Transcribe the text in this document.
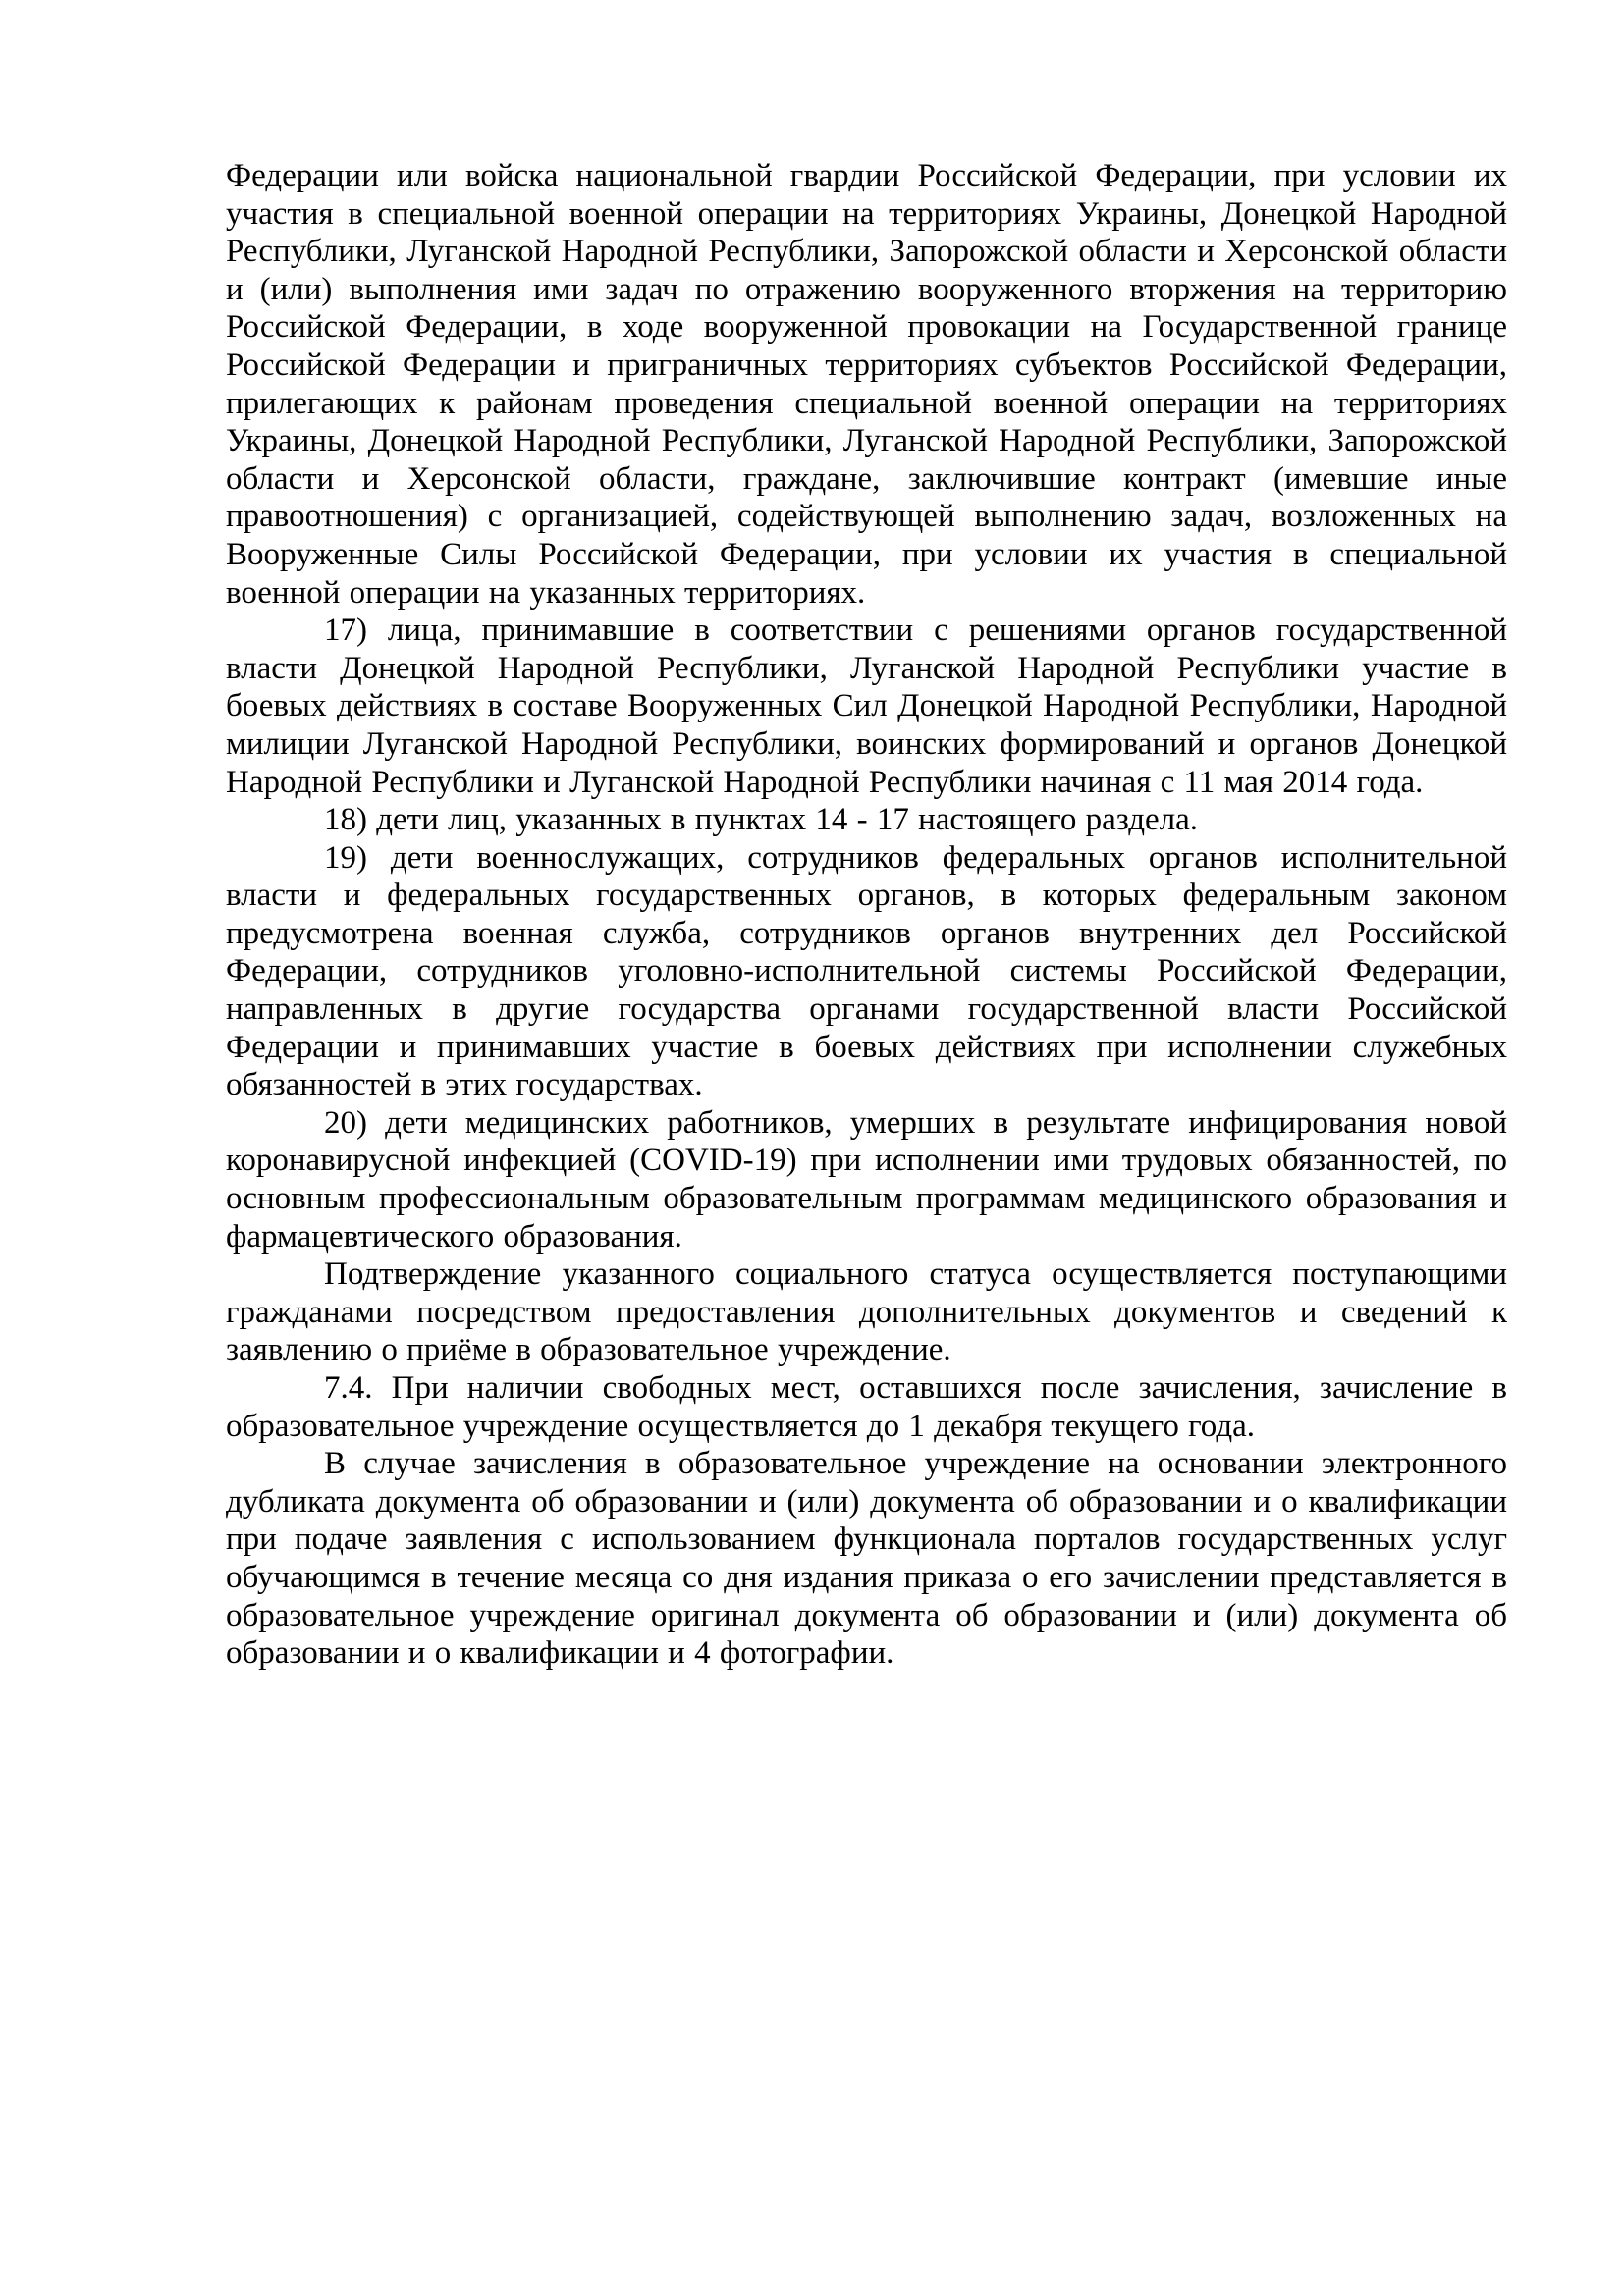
Федерации или войска национальной гвардии Российской Федерации, при условии их участия в специальной военной операции на территориях Украины, Донецкой Народной Республики, Луганской Народной Республики, Запорожской области и Херсонской области и (или) выполнения ими задач по отражению вооруженного вторжения на территорию Российской Федерации, в ходе вооруженной провокации на Государственной границе Российской Федерации и приграничных территориях субъектов Российской Федерации, прилегающих к районам проведения специальной военной операции на территориях Украины, Донецкой Народной Республики, Луганской Народной Республики, Запорожской области и Херсонской области, граждане, заключившие контракт (имевшие иные правоотношения) с организацией, содействующей выполнению задач, возложенных на Вооруженные Силы Российской Федерации, при условии их участия в специальной военной операции на указанных территориях.

17) лица, принимавшие в соответствии с решениями органов государственной власти Донецкой Народной Республики, Луганской Народной Республики участие в боевых действиях в составе Вооруженных Сил Донецкой Народной Республики, Народной милиции Луганской Народной Республики, воинских формирований и органов Донецкой Народной Республики и Луганской Народной Республики начиная с 11 мая 2014 года.

18) дети лиц, указанных в пунктах 14 - 17 настоящего раздела.

19) дети военнослужащих, сотрудников федеральных органов исполнительной власти и федеральных государственных органов, в которых федеральным законом предусмотрена военная служба, сотрудников органов внутренних дел Российской Федерации, сотрудников уголовно-исполнительной системы Российской Федерации, направленных в другие государства органами государственной власти Российской Федерации и принимавших участие в боевых действиях при исполнении служебных обязанностей в этих государствах.

20) дети медицинских работников, умерших в результате инфицирования новой коронавирусной инфекцией (COVID-19) при исполнении ими трудовых обязанностей, по основным профессиональным образовательным программам медицинского образования и фармацевтического образования.

Подтверждение указанного социального статуса осуществляется поступающими гражданами посредством предоставления дополнительных документов и сведений к заявлению о приёме в образовательное учреждение.

7.4. При наличии свободных мест, оставшихся после зачисления, зачисление в образовательное учреждение осуществляется до 1 декабря текущего года.

В случае зачисления в образовательное учреждение на основании электронного дубликата документа об образовании и (или) документа об образовании и о квалификации при подаче заявления с использованием функционала порталов государственных услуг обучающимся в течение месяца со дня издания приказа о его зачислении представляется в образовательное учреждение оригинал документа об образовании и (или) документа об образовании и о квалификации и 4 фотографии.
